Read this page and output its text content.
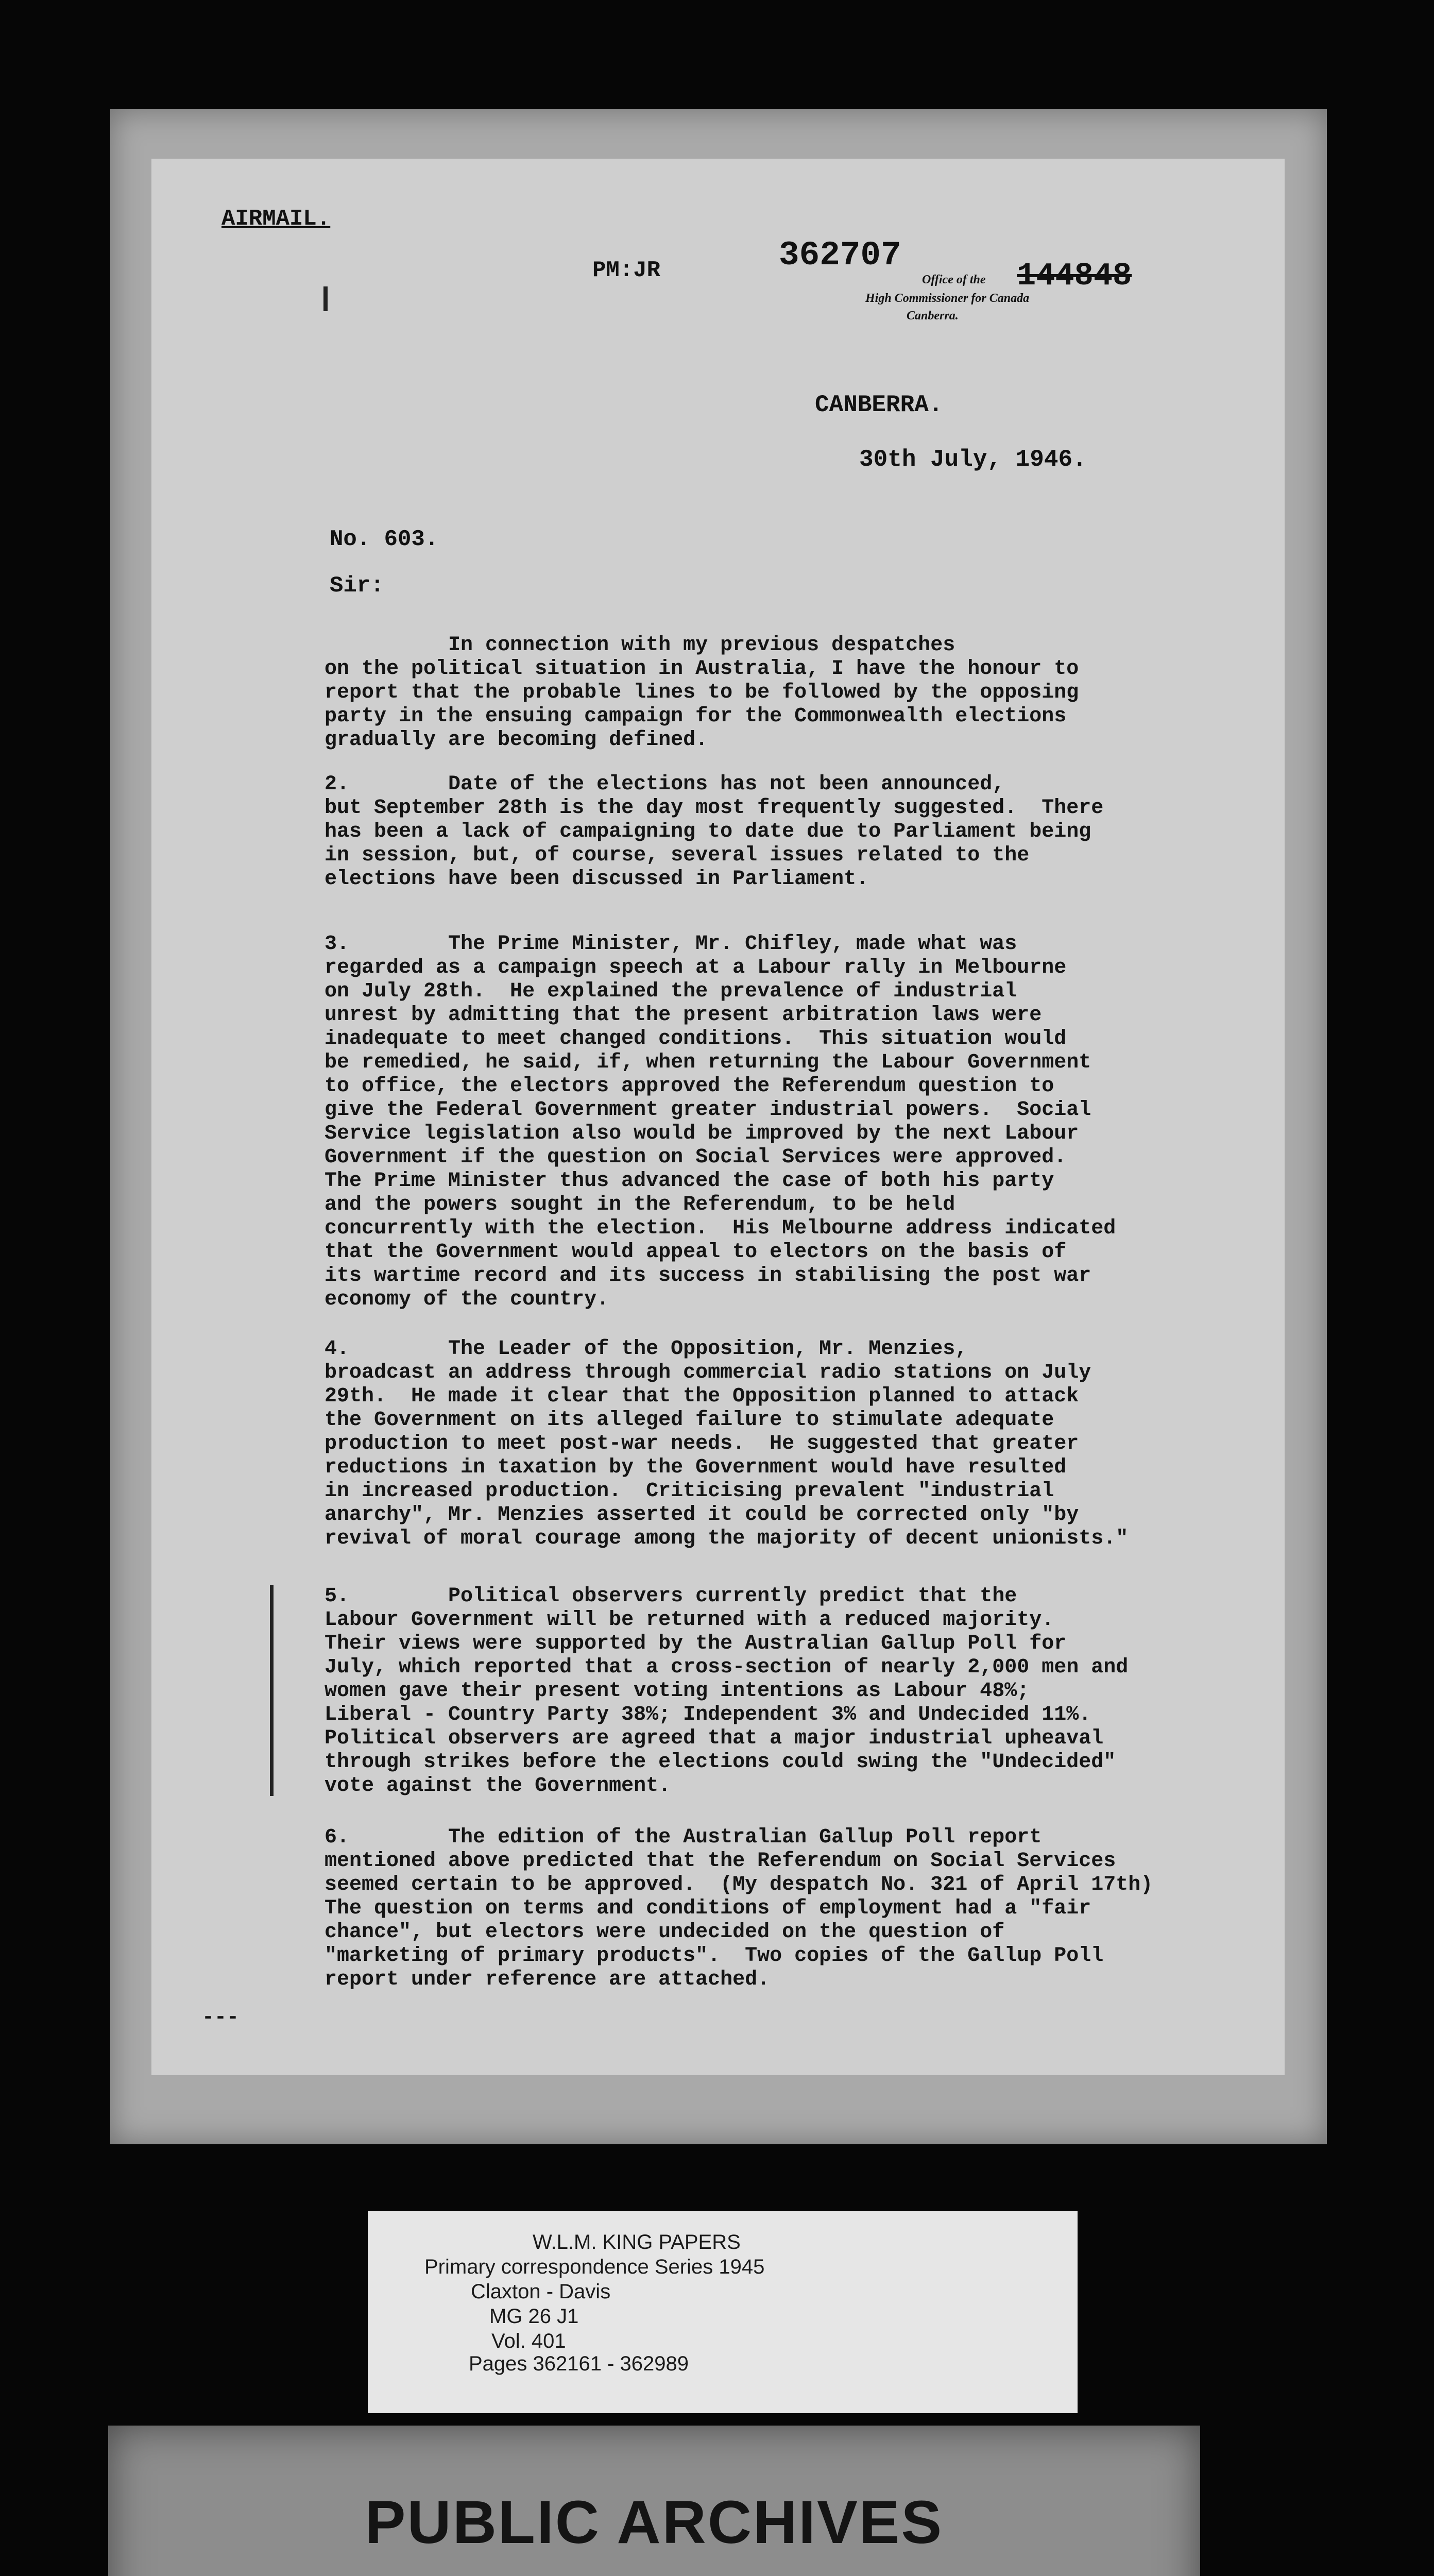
AIRMAIL.
PM:JR	362707
144848
Office of the
High Commissioner for Canada
Canberra.
CANBERRA.
30th July, 1946.
No. 603.
Sir:
In connection with my previous despatches
on the political situation in Australia, I have the honour to
report that the probable lines to be followed by the opposing
party in the ensuing campaign for the Commonwealth elections
gradually are becoming defined.
2.        Date of the elections has not been announced,
but September 28th is the day most frequently suggested.  There
has been a lack of campaigning to date due to Parliament being
in session, but, of course, several issues related to the
elections have been discussed in Parliament.
3.        The Prime Minister, Mr. Chifley, made what was
regarded as a campaign speech at a Labour rally in Melbourne
on July 28th.  He explained the prevalence of industrial
unrest by admitting that the present arbitration laws were
inadequate to meet changed conditions.  This situation would
be remedied, he said, if, when returning the Labour Government
to office, the electors approved the Referendum question to
give the Federal Government greater industrial powers.  Social
Service legislation also would be improved by the next Labour
Government if the question on Social Services were approved.
The Prime Minister thus advanced the case of both his party
and the powers sought in the Referendum, to be held
concurrently with the election.  His Melbourne address indicated
that the Government would appeal to electors on the basis of
its wartime record and its success in stabilising the post war
economy of the country.
4.        The Leader of the Opposition, Mr. Menzies,
broadcast an address through commercial radio stations on July
29th.  He made it clear that the Opposition planned to attack
the Government on its alleged failure to stimulate adequate
production to meet post-war needs.  He suggested that greater
reductions in taxation by the Government would have resulted
in increased production.  Criticising prevalent "industrial
anarchy", Mr. Menzies asserted it could be corrected only "by
revival of moral courage among the majority of decent unionists."
5.        Political observers currently predict that the
Labour Government will be returned with a reduced majority.
Their views were supported by the Australian Gallup Poll for
July, which reported that a cross-section of nearly 2,000 men and
women gave their present voting intentions as Labour 48%;
Liberal - Country Party 38%; Independent 3% and Undecided 11%.
Political observers are agreed that a major industrial upheaval
through strikes before the elections could swing the "Undecided"
vote against the Government.
6.        The edition of the Australian Gallup Poll report
mentioned above predicted that the Referendum on Social Services
seemed certain to be approved.  (My despatch No. 321 of April 17th)
The question on terms and conditions of employment had a "fair
chance", but electors were undecided on the question of
"marketing of primary products".  Two copies of the Gallup Poll
report under reference are attached.
---
W.L.M. KING PAPERS
Primary correspondence Series 1945
Claxton - Davis
MG 26 J1
Vol. 401
Pages 362161 - 362989
PUBLIC ARCHIVES
